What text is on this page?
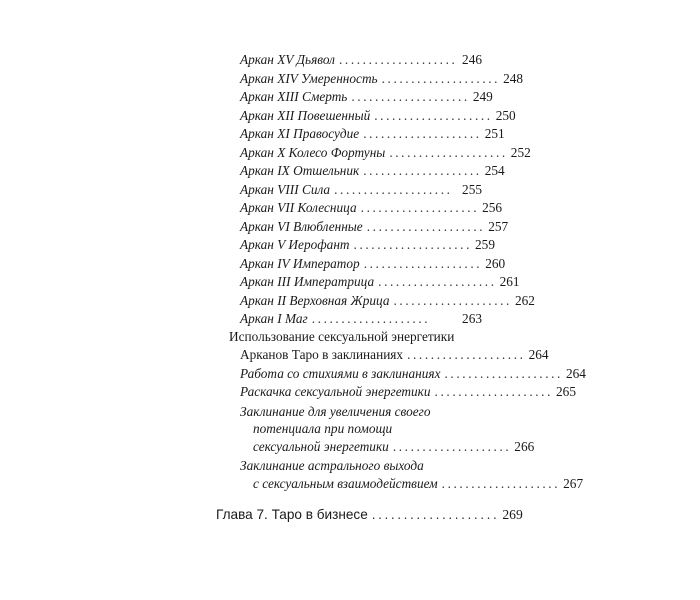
Аркан XV Дьявол .................... 246
Аркан XIV Умеренность .................... 248
Аркан XIII Смерть .................... 249
Аркан XII Повешенный .................... 250
Аркан XI Правосудие .................... 251
Аркан X Колесо Фортуны .................... 252
Аркан IX Отшельник .................... 254
Аркан VIII Сила .................... 255
Аркан VII Колесница .................... 256
Аркан VI Влюбленные .................... 257
Аркан V Иерофант .................... 259
Аркан IV Император .................... 260
Аркан III Императрица .................... 261
Аркан II Верховная Жрица .................... 262
Аркан I Маг ....................	263
Использование сексуальной энергетики
Арканов Таро в заклинаниях .................... 264
Работа со стихиями в заклинаниях .................... 264
Раскачка сексуальной энергетики .................... 265
Заклинание для увеличения своего
потенциала при помощи
сексуальной энергетики .................... 266
Заклинание астрального выхода
с сексуальным взаимодействием .................... 267
Глава 7. Таро в бизнесе .................... 269
